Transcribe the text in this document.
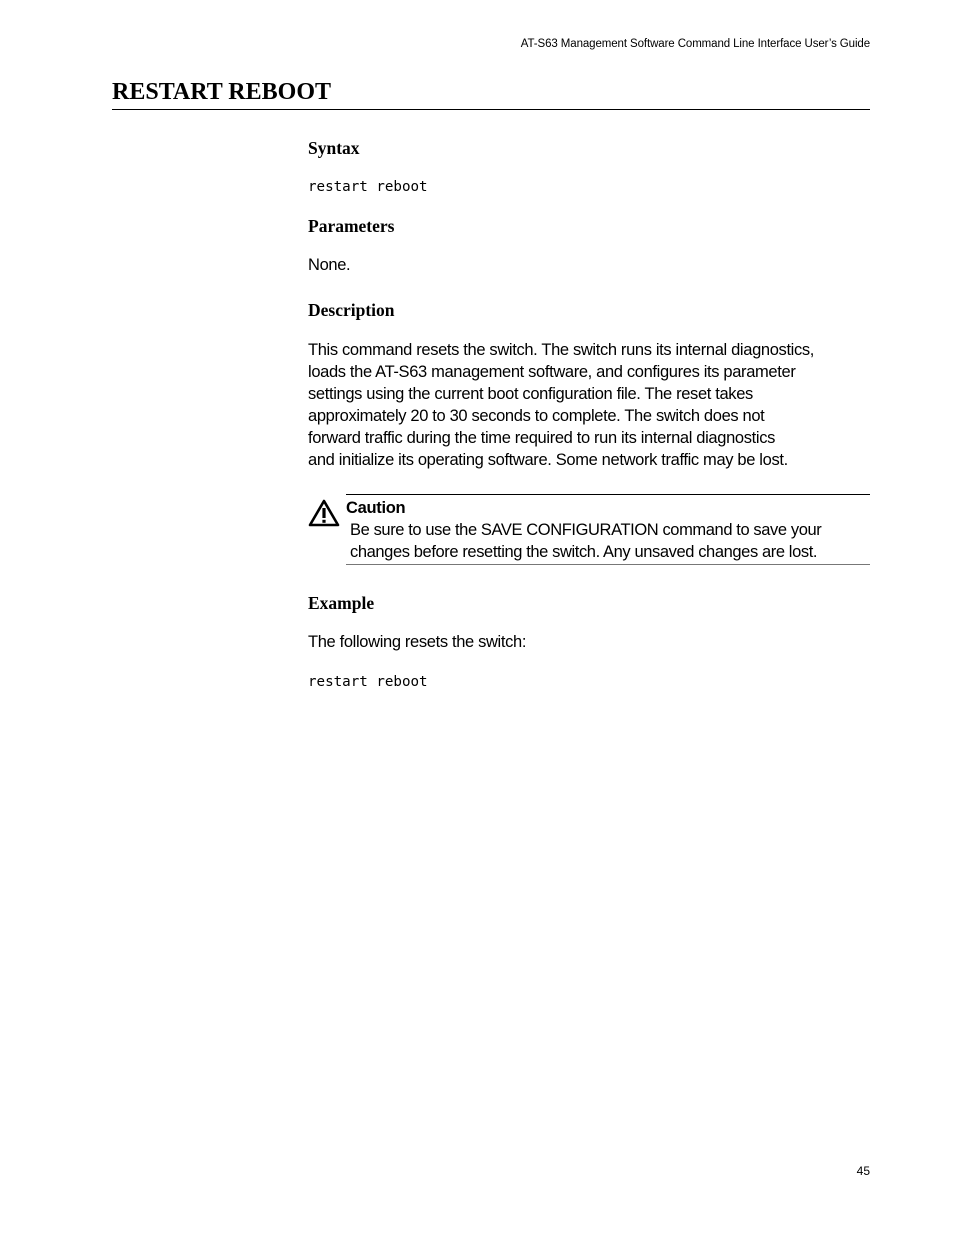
AT-S63 Management Software Command Line Interface User’s Guide
RESTART REBOOT
Syntax
restart reboot
Parameters

None.

Description
This command resets the switch. The switch runs its internal diagnostics,
loads the AT-S63 management software, and configures its parameter
settings using the current boot configuration file. The reset takes
approximately 20 to 30 seconds to complete. The switch does not
forward traffic during the time required to run its internal diagnostics
and initialize its operating software. Some network traffic may be lost.

Caution

Be sure to use the SAVE CONFIGURATION command to save your
changes before resetting the switch. Any unsaved changes are lost.
Example

The following resets the switch:

restart reboot
45
